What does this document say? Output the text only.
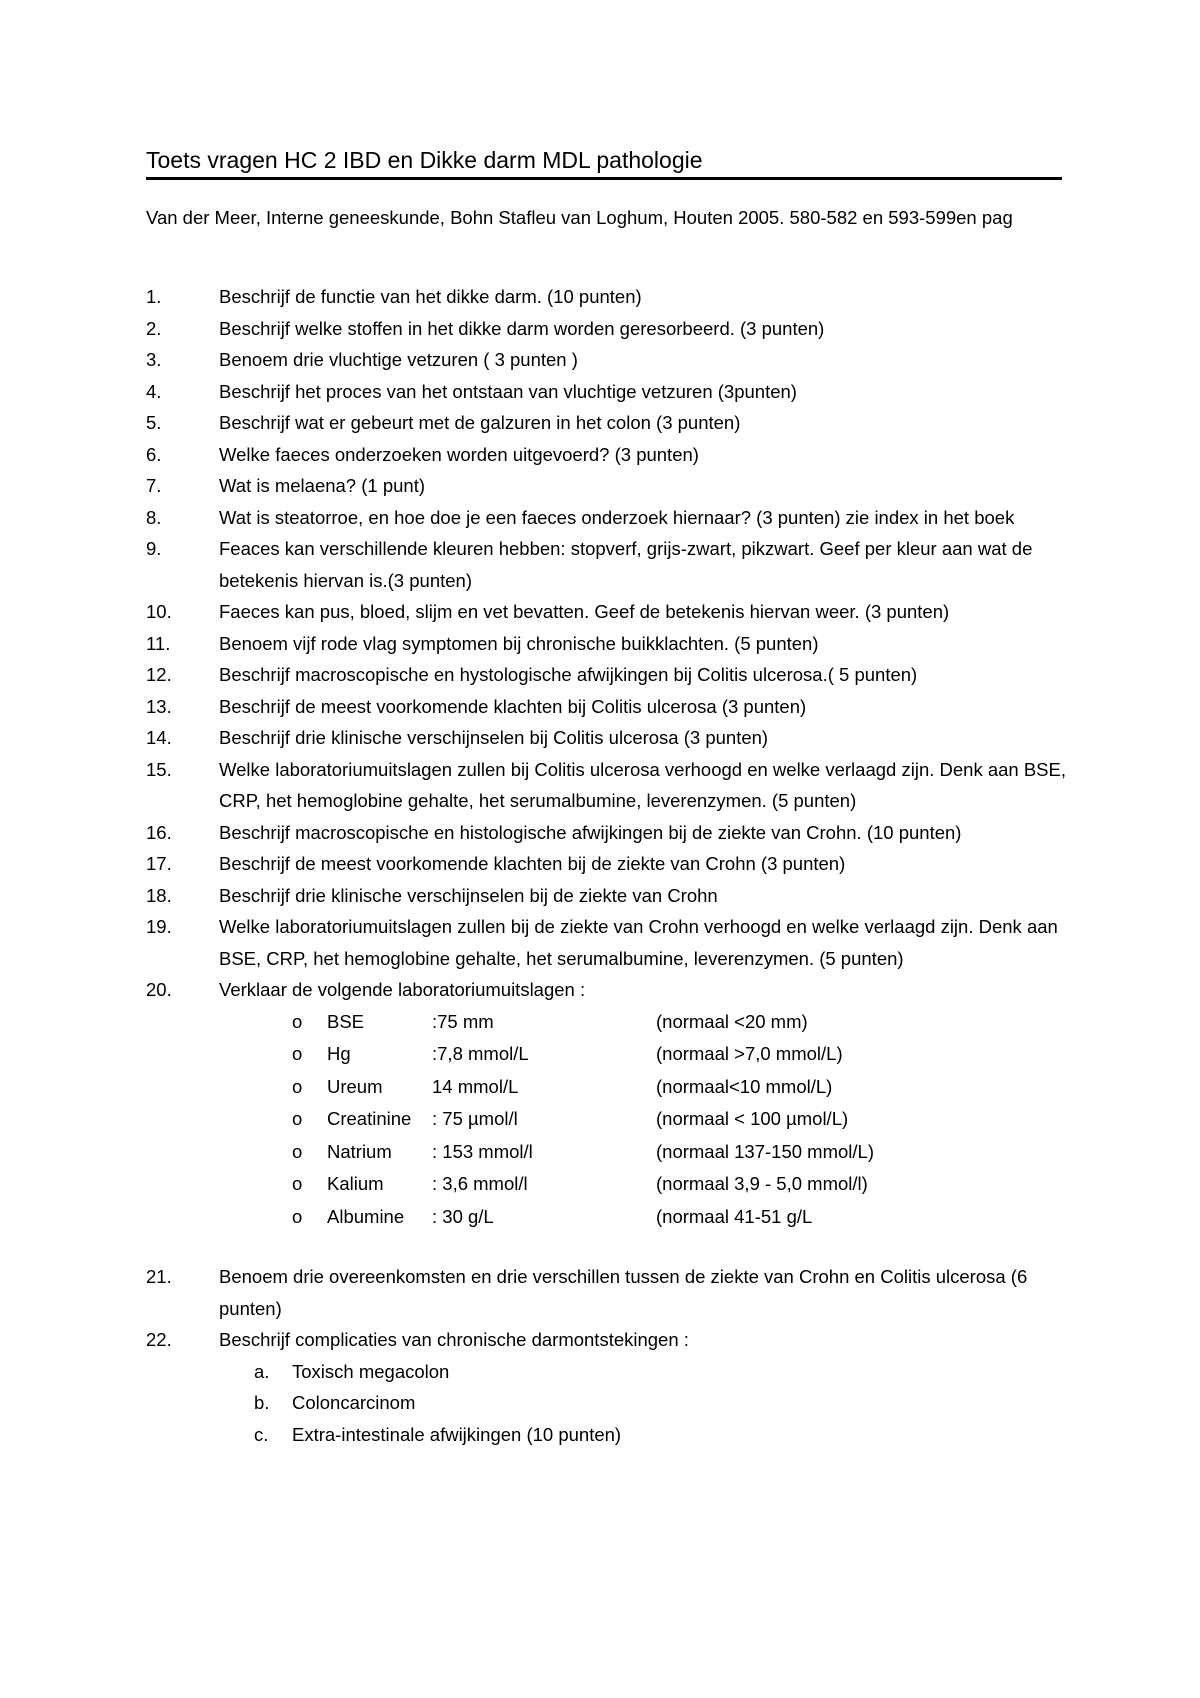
Toets vragen HC 2 IBD en Dikke darm MDL pathologie
Van der Meer, Interne geneeskunde, Bohn Stafleu van Loghum, Houten 2005. 580-582 en 593-599en pag
1.	Beschrijf de functie van het dikke darm. (10 punten)
2.	Beschrijf welke stoffen in het dikke darm worden geresorbeerd. (3 punten)
3.	Benoem drie vluchtige vetzuren ( 3 punten )
4.	Beschrijf het proces van het ontstaan van vluchtige vetzuren (3punten)
5.	Beschrijf wat er gebeurt met de galzuren in het colon (3 punten)
6.	Welke faeces onderzoeken worden uitgevoerd? (3 punten)
7.	Wat is melaena? (1 punt)
8.	Wat is steatorroe, en hoe doe je een faeces onderzoek hiernaar? (3 punten) zie index in het boek
9.	Feaces kan verschillende kleuren hebben: stopverf, grijs-zwart, pikzwart. Geef per kleur aan wat de betekenis hiervan is.(3 punten)
10.	Faeces kan pus, bloed, slijm en vet bevatten. Geef de betekenis hiervan weer. (3 punten)
11.	Benoem vijf rode vlag symptomen bij chronische buikklachten. (5 punten)
12.	Beschrijf macroscopische en hystologische afwijkingen bij Colitis ulcerosa.( 5 punten)
13.	Beschrijf de meest voorkomende klachten bij Colitis ulcerosa (3 punten)
14.	Beschrijf drie klinische verschijnselen bij Colitis ulcerosa (3 punten)
15.	Welke laboratoriumuitslagen zullen bij Colitis ulcerosa verhoogd en welke verlaagd zijn. Denk aan BSE, CRP, het hemoglobine gehalte, het serumalbumine, leverenzymen. (5 punten)
16.	Beschrijf macroscopische en histologische afwijkingen bij de ziekte van Crohn. (10 punten)
17.	Beschrijf de meest voorkomende klachten bij de ziekte van Crohn (3 punten)
18.	Beschrijf drie klinische verschijnselen bij de ziekte van Crohn
19.	Welke laboratoriumuitslagen zullen bij de ziekte van Crohn verhoogd en welke verlaagd zijn. Denk aan BSE, CRP, het hemoglobine gehalte, het serumalbumine, leverenzymen. (5 punten)
20.	Verklaar de volgende laboratoriumuitslagen :
o	BSE	:75 mm	(normaal <20 mm)
o	Hg	:7,8 mmol/L	(normaal >7,0 mmol/L)
o	Ureum	14 mmol/L	(normaal<10 mmol/L)
o	Creatinine	: 75 µmol/l	(normaal < 100 µmol/L)
o	Natrium	: 153 mmol/l	(normaal 137-150 mmol/L)
o	Kalium	: 3,6 mmol/l	(normaal 3,9 - 5,0 mmol/l)
o	Albumine	: 30 g/L	(normaal 41-51 g/L
21.	Benoem drie overeenkomsten en drie verschillen tussen de ziekte van Crohn en Colitis ulcerosa (6 punten)
22.	Beschrijf complicaties van chronische darmontstekingen :
a.	Toxisch megacolon
b.	Coloncarcinom
c.	Extra-intestinale afwijkingen (10 punten)
